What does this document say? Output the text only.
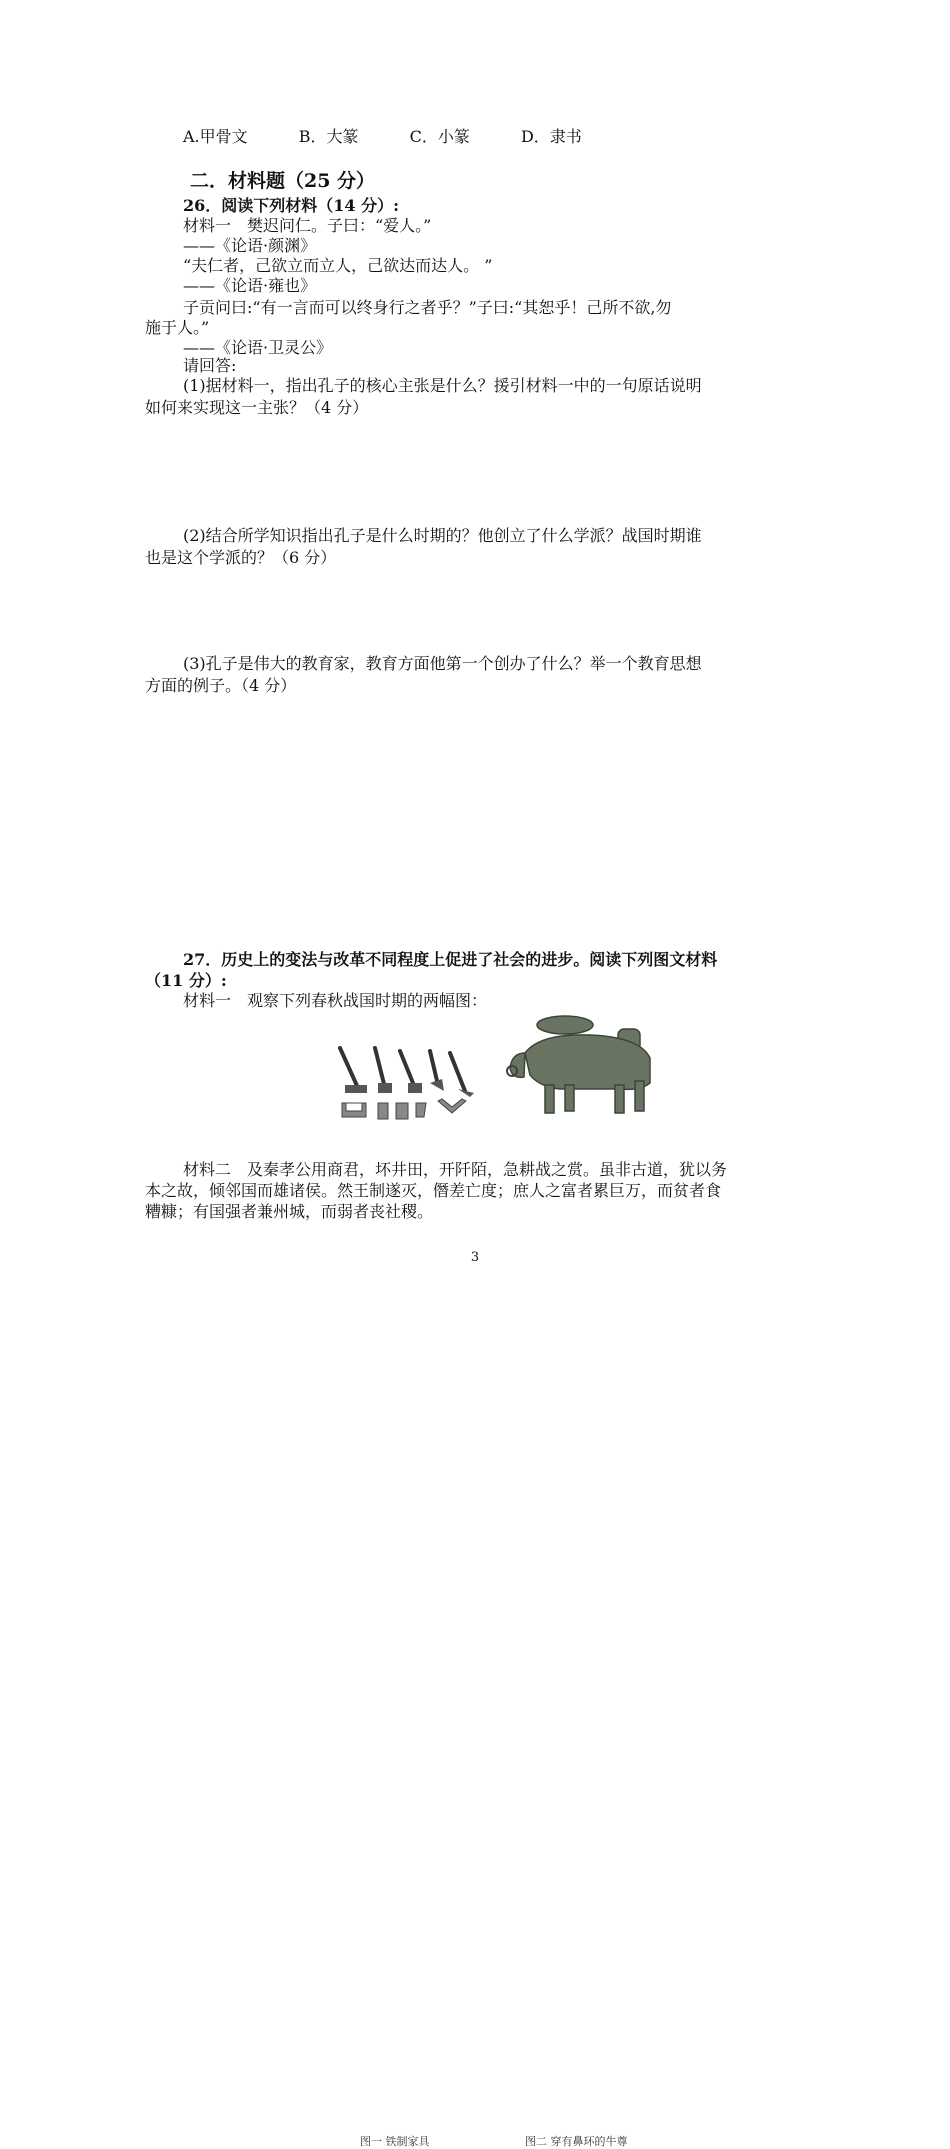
A.甲骨文	B．大篆	C．小篆	D．隶书
二．材料题（25 分）
26．阅读下列材料（14 分）:
材料一　樊迟问仁。子曰：“爱人。”
——《论语·颜渊》
“夫仁者，己欲立而立人，己欲达而达人。 ”
——《论语·雍也》
子贡问曰:“有一言而可以终身行之者乎？”子曰:“其恕乎！己所不欲,勿
施于人。”
——《论语·卫灵公》
请回答:
(1)据材料一，指出孔子的核心主张是什么？援引材料一中的一句原话说明
如何来实现这一主张？（4 分）
(2)结合所学知识指出孔子是什么时期的？他创立了什么学派？战国时期谁
也是这个学派的？（6 分）
(3)孔子是伟大的教育家，教育方面他第一个创办了什么？举一个教育思想
方面的例子。（4 分）
27．历史上的变法与改革不同程度上促进了社会的进步。阅读下列图文材料
（11 分）:
材料一　观察下列春秋战国时期的两幅图：
图一 铁制家具	图二 穿有鼻环的牛尊
材料二　及秦孝公用商君，坏井田，开阡陌，急耕战之赏。虽非古道，犹以务
本之故，倾邻国而雄诸侯。然王制遂灭，僭差亡度；庶人之富者累巨万，而贫者食
糟糠；有国强者兼州城，而弱者丧社稷。
3
